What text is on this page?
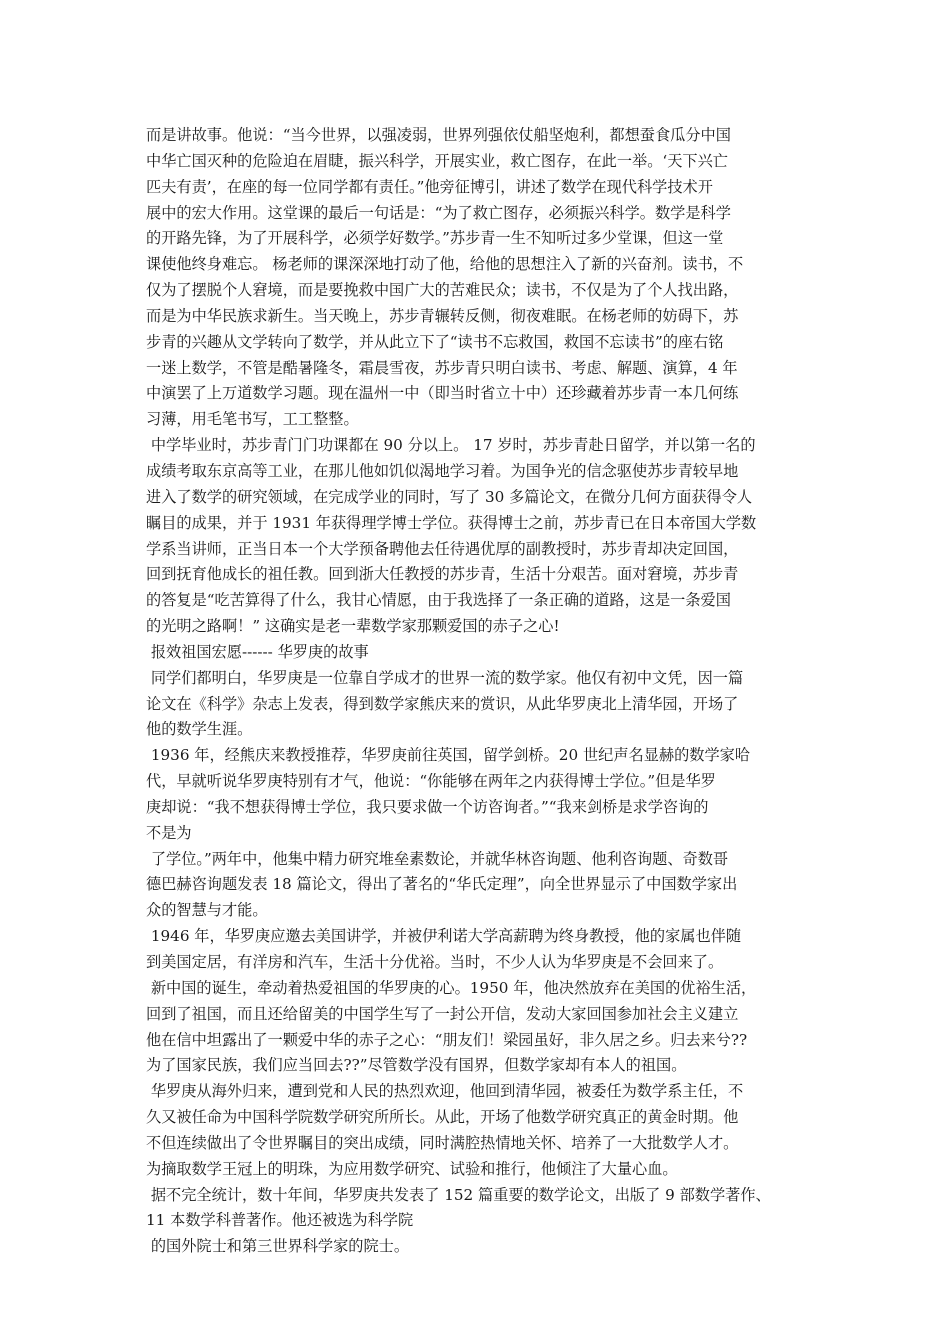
而是讲故事。他说：“当今世界，以强凌弱，世界列强依仗船坚炮利，都想蚕食瓜分中国
中华亡国灭种的危险迫在眉睫，振兴科学，开展实业，救亡图存，在此一举。‘天下兴亡
匹夫有责’，在座的每一位同学都有责任。”他旁征博引，讲述了数学在现代科学技术开
展中的宏大作用。这堂课的最后一句话是：“为了救亡图存，必须振兴科学。数学是科学
的开路先锋，为了开展科学，必须学好数学。”苏步青一生不知听过多少堂课，但这一堂
课使他终身难忘。 杨老师的课深深地打动了他，给他的思想注入了新的兴奋剂。读书，不
仅为了摆脱个人窘境，而是要挽救中国广大的苦难民众；读书，不仅是为了个人找出路，
而是为中华民族求新生。当天晚上，苏步青辗转反侧，彻夜难眠。在杨老师的妨碍下，苏
步青的兴趣从文学转向了数学，并从此立下了“读书不忘救国，救国不忘读书”的座右铭
一迷上数学，不管是酷暑隆冬，霜晨雪夜，苏步青只明白读书、考虑、解题、演算，4 年
中演罢了上万道数学习题。现在温州一中（即当时省立十中）还珍藏着苏步青一本几何练
习薄，用毛笔书写，工工整整。
中学毕业时，苏步青门门功课都在 90 分以上。 17 岁时，苏步青赴日留学，并以第一名的
成绩考取东京高等工业，在那儿他如饥似渴地学习着。为国争光的信念驱使苏步青较早地
进入了数学的研究领域，在完成学业的同时，写了 30 多篇论文，在微分几何方面获得令人
瞩目的成果，并于 1931 年获得理学博士学位。获得博士之前，苏步青已在日本帝国大学数
学系当讲师，正当日本一个大学预备聘他去任待遇优厚的副教授时，苏步青却决定回国，
回到抚育他成长的祖任教。回到浙大任教授的苏步青，生活十分艰苦。面对窘境，苏步青
的答复是“吃苦算得了什么，我甘心情愿，由于我选择了一条正确的道路，这是一条爱国
的光明之路啊！” 这确实是老一辈数学家那颗爱国的赤子之心!
报效祖国宏愿------ 华罗庚的故事
同学们都明白，华罗庚是一位靠自学成才的世界一流的数学家。他仅有初中文凭，因一篇
论文在《科学》杂志上发表，得到数学家熊庆来的赏识，从此华罗庚北上清华园，开场了
他的数学生涯。
1936 年，经熊庆来教授推荐，华罗庚前往英国，留学剑桥。20 世纪声名显赫的数学家哈
代，早就听说华罗庚特别有才气，他说：“你能够在两年之内获得博士学位。”但是华罗
庚却说：“我不想获得博士学位，我只要求做一个访咨询者。”“我来剑桥是求学咨询的
不是为
了学位。”两年中，他集中精力研究堆垒素数论，并就华林咨询题、他利咨询题、奇数哥
德巴赫咨询题发表 18 篇论文，得出了著名的“华氏定理”，向全世界显示了中国数学家出
众的智慧与才能。
1946 年，华罗庚应邀去美国讲学，并被伊利诺大学高薪聘为终身教授，他的家属也伴随
到美国定居，有洋房和汽车，生活十分优裕。当时，不少人认为华罗庚是不会回来了。
新中国的诞生，牵动着热爱祖国的华罗庚的心。1950 年，他决然放弃在美国的优裕生活，
回到了祖国，而且还给留美的中国学生写了一封公开信，发动大家回国参加社会主义建立
他在信中坦露出了一颗爱中华的赤子之心：“朋友们！梁园虽好，非久居之乡。归去来兮??
为了国家民族，我们应当回去??”尽管数学没有国界，但数学家却有本人的祖国。
华罗庚从海外归来，遭到党和人民的热烈欢迎，他回到清华园，被委任为数学系主任，不
久又被任命为中国科学院数学研究所所长。从此，开场了他数学研究真正的黄金时期。他
不但连续做出了令世界瞩目的突出成绩，同时满腔热情地关怀、培养了一大批数学人才。
为摘取数学王冠上的明珠，为应用数学研究、试验和推行，他倾注了大量心血。
据不完全统计，数十年间，华罗庚共发表了 152 篇重要的数学论文，出版了 9 部数学著作、
11 本数学科普著作。他还被选为科学院
的国外院士和第三世界科学家的院士。
